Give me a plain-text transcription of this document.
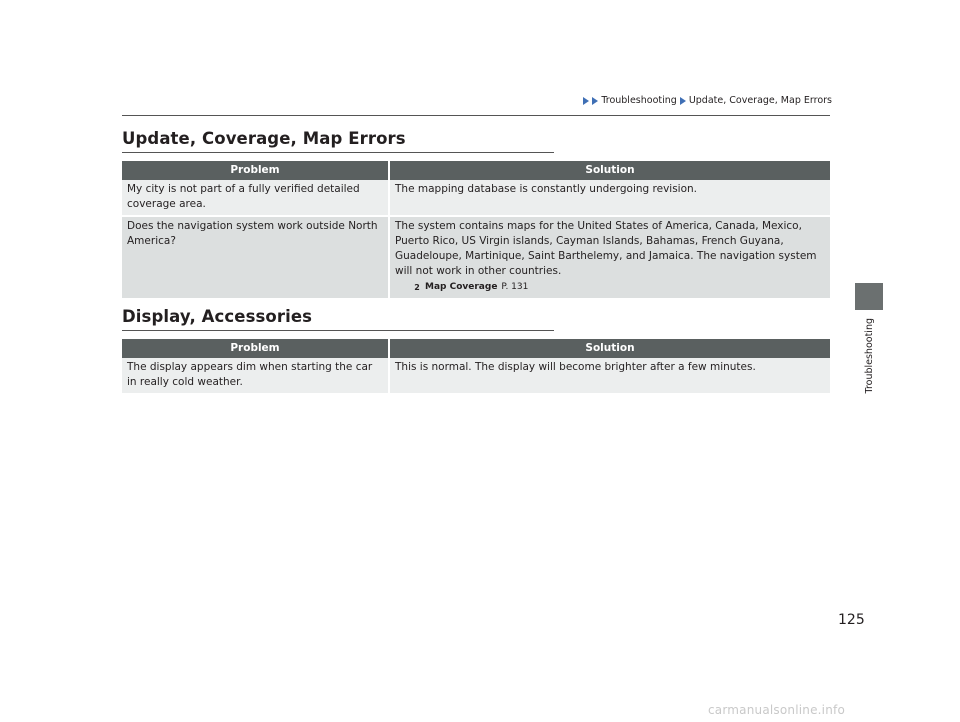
Troubleshooting Update, Coverage, Map Errors
Update, Coverage, Map Errors
Problem	Solution
My city is not part of a fully verified detailed coverage area.	The mapping database is constantly undergoing revision.
Does the navigation system work outside North America?	The system contains maps for the United States of America, Canada, Mexico, Puerto Rico, US Virgin islands, Cayman Islands, Bahamas, French Guyana, Guadeloupe, Martinique, Saint Barthelemy, and Jamaica. The navigation system will not work in other countries.
2 Map Coverage P. 131
Display, Accessories
Problem	Solution
The display appears dim when starting the car in really cold weather.	This is normal. The display will become brighter after a few minutes.	Troubleshooting
125
carmanualsonline.info
